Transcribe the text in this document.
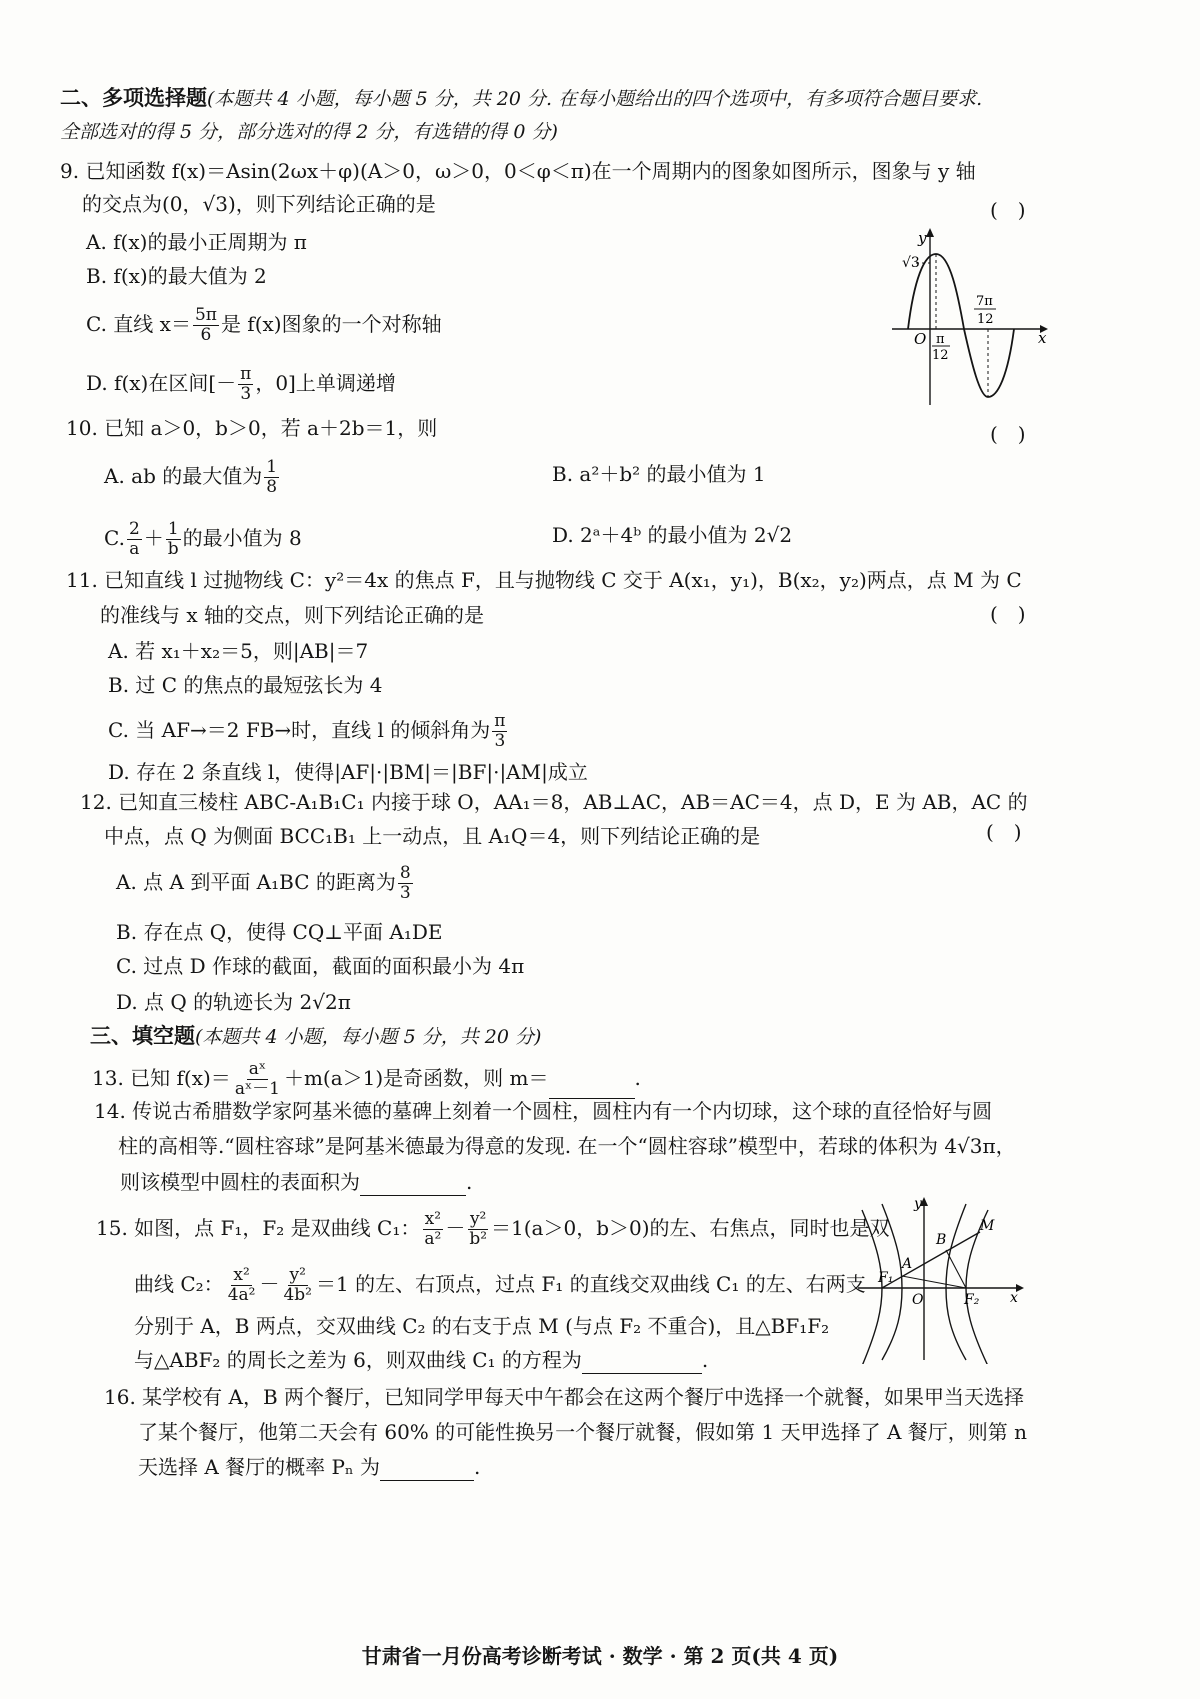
二、多项选择题(本题共 4 小题，每小题 5 分，共 20 分. 在每小题给出的四个选项中，有多项符合题目要求.
全部选对的得 5 分，部分选对的得 2 分，有选错的得 0 分)
9. 已知函数 f(x)＝Asin(2ωx＋φ)(A＞0，ω＞0，0＜φ＜π)在一个周期内的图象如图所示，图象与 y 轴
的交点为(0，√3)，则下列结论正确的是	(　)
A. f(x)的最小正周期为 π
B. f(x)的最大值为 2
C. 直线 $x= \frac{5\pi}{6}$ 是 f(x)图象的一个对称轴
D. f(x)在区间[－ $\frac{\pi}{3}$ ，0]上单调递增
y
x
O
√3
π
12
7π
12
10. 已知 a＞0，b＞0，若 a＋2b＝1，则	(　)
A. ab 的最大值为 $\frac{1}{8}$	B. a²＋b² 的最小值为 1
C. $\frac{2}{a} + \frac{1}{b}$ 的最小值为 8	D. 2ᵃ＋4ᵇ 的最小值为 2√2
11. 已知直线 l 过抛物线 C：y²＝4x 的焦点 F，且与抛物线 C 交于 A(x₁，y₁)，B(x₂，y₂)两点，点 M 为 C
的准线与 x 轴的交点，则下列结论正确的是	(　)
A. 若 x₁＋x₂＝5，则|AB|＝7
B. 过 C 的焦点的最短弦长为 4
C. 当 AF→＝2 FB→时，直线 l 的倾斜角为 $\frac{\pi}{3}$
D. 存在 2 条直线 l，使得|AF|·|BM|＝|BF|·|AM|成立
12. 已知直三棱柱 ABC-A₁B₁C₁ 内接于球 O，AA₁＝8，AB⊥AC，AB＝AC＝4，点 D，E 为 AB，AC 的
中点，点 Q 为侧面 BCC₁B₁ 上一动点，且 A₁Q＝4，则下列结论正确的是	(　)
A. 点 A 到平面 A₁BC 的距离为 $\frac{8}{3}$
B. 存在点 Q，使得 CQ⊥平面 A₁DE
C. 过点 D 作球的截面，截面的面积最小为 4π
D. 点 Q 的轨迹长为 2√2π
三、填空题(本题共 4 小题，每小题 5 分，共 20 分)
13. 已知 $f(x)= \frac{\text{aˣ}}{\text{aˣ－1}} +m(a>1)$是奇函数，则 m＝	.
14. 传说古希腊数学家阿基米德的墓碑上刻着一个圆柱，圆柱内有一个内切球，这个球的直径恰好与圆
柱的高相等.“圆柱容球”是阿基米德最为得意的发现. 在一个“圆柱容球”模型中，若球的体积为 4√3π，
则该模型中圆柱的表面积为	.
15. 如图，点 F₁，F₂ 是双曲线 C₁： $\frac{\text{x²}}{\text{a²}} - \frac{\text{y²}}{\text{b²}} =1(a>0$，b＞0)的左、右焦点，同时也是双
曲线 C₂： $\frac{\text{x²}}{\text{4a²}} - \frac{\text{y²}}{\text{4b²}} =1$ 的左、右顶点，过点 F₁ 的直线交双曲线 C₁ 的左、右两支
分别于 A，B 两点，交双曲线 C₂ 的右支于点 M (与点 F₂ 不重合)，且△BF₁F₂
与△ABF₂ 的周长之差为 6，则双曲线 C₁ 的方程为	.
M
B
A
F₁
F₂
O
y
x
16. 某学校有 A，B 两个餐厅，已知同学甲每天中午都会在这两个餐厅中选择一个就餐，如果甲当天选择
了某个餐厅，他第二天会有 60% 的可能性换另一个餐厅就餐，假如第 1 天甲选择了 A 餐厅，则第 n
天选择 A 餐厅的概率 Pₙ 为	.
甘肃省一月份高考诊断考试 · 数学 · 第 2 页(共 4 页)
